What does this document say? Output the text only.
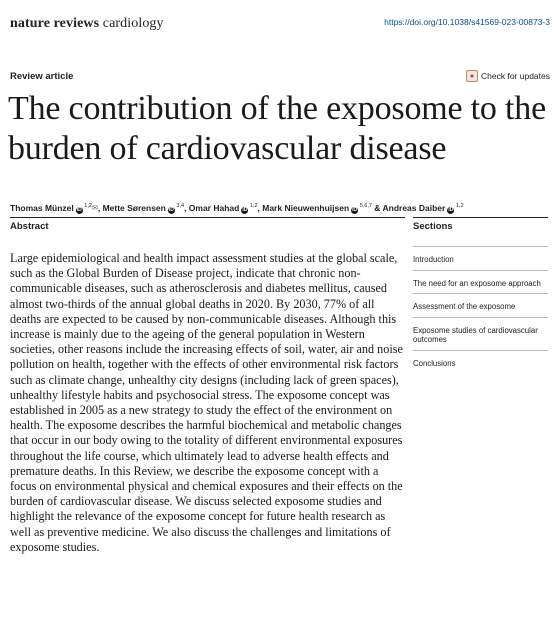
nature reviews cardiology	https://doi.org/10.1038/s41569-023-00873-3
Review article	● Check for updates
The contribution of the exposome to the burden of cardiovascular disease
Thomas Münzel iD $^{1,2}$✉, Mette Sørensen iD $^{3,4}$, Omar Hahad iD $^{1,2}$, Mark Nieuwenhuijsen iD $^{5,6,7}$ & Andreas Daiber iD $^{1,2}$
Abstract

Large epidemiological and health impact assessment studies at the global scale, such as the Global Burden of Disease project, indicate that chronic non-communicable diseases, such as atherosclerosis and diabetes mellitus, caused almost two-thirds of the annual global deaths in 2020. By 2030, 77% of all deaths are expected to be caused by non-communicable diseases. Although this increase is mainly due to the ageing of the general population in Western societies, other reasons include the increasing effects of soil, water, air and noise pollution on health, together with the effects of other environmental risk factors such as climate change, unhealthy city designs (including lack of green spaces), unhealthy lifestyle habits and psychosocial stress. The exposome concept was established in 2005 as a new strategy to study the effect of the environment on health. The exposome describes the harmful biochemical and metabolic changes that occur in our body owing to the totality of different environmental exposures throughout the life course, which ultimately lead to adverse health effects and premature deaths. In this Review, we describe the exposome concept with a focus on environmental physical and chemical exposures and their effects on the burden of cardiovascular disease. We discuss selected exposome studies and highlight the relevance of the exposome concept for future health research as well as preventive medicine. We also discuss the challenges and limitations of exposome studies.

Sections
Introduction
The need for an exposome approach
Assessment of the exposome
Exposome studies of cardiovascular outcomes
Conclusions
